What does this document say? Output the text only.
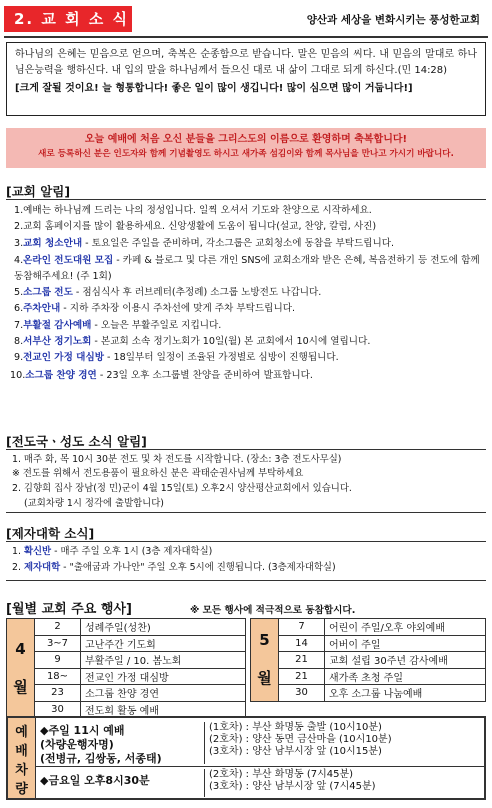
2. 교 회 소 식	양산과 세상을 변화시키는 풍성한교회

하나님의 은혜는 믿음으로 얻으며, 축복은 순종함으로 받습니다. 말은 믿음의 씨다. 내 믿음의 말대로 하나님은능력을 행하신다. 내 입의 말을 하나님께서 들으신 대로 내 삶이 그대로 되게 하신다.(민 14:28)

[크게 잘될 것이요! 늘 형통합니다! 좋은 일이 많이 생깁니다! 많이 심으면 많이 거둡니다!]

오늘 예배에 처음 오신 분들을 그리스도의 이름으로 환영하며 축복합니다!
새로 등록하신 분은 인도자와 함께 기념촬영도 하시고 새가족 섬김이와 함께 목사님을 만나고 가시기 바랍니다.
[교회 알림]
1.예배는 하나님께 드리는 나의 정성입니다. 일찍 오셔서 기도와 찬양으로 시작하세요.
2.교회 홈페이지를 많이 활용하세요. 신앙생활에 도움이 됩니다(설교, 찬양, 칼럼, 사진)
3.교회 청소안내 - 토요일은 주일을 준비하며, 각소그룹은 교회청소에 동참을 부탁드립니다.
4.온라인 전도대원 모집 - 카페 & 블로그 및 다른 개인 SNS에 교회소개와 받은 은혜, 복음전하기 등 전도에 함께 동참해주세요! (주 1회)
5.소그룹 전도 - 점심식사 후 러브레터(추정례) 소그룹 노방전도 나갑니다.
6.주차안내 - 지하 주차장 이용시 주차선에 맞게 주차 부탁드립니다.
7.부활절 감사예배 - 오늘은 부활주일로 지킵니다.
8.서부산 정기노회 - 본교회 소속 정기노회가 10일(월) 본 교회에서 10시에 열립니다.
9.전교인 가정 대심방 - 18일부터 일정이 조율된 가정별로 심방이 진행됩니다.
10.소그룹 찬양 경연 - 23일 오후 소그룹별 찬양을 준비하여 발표합니다.
[전도국ㆍ성도 소식 알림]
1. 매주 화, 목 10시 30분 전도 및 차 전도를 시작합니다. (장소: 3층 전도사무실)
※ 전도를 위해서 전도용품이 필요하신 분은 곽태순권사님께 부탁하세요
2. 김향희 집사 장남(정 민)군이 4월 15일(토) 오후2시 양산평산교회에서 있습니다.
(교회차량 1시 정각에 출발합니다)
[제자대학 소식]
1. 확신반 - 매주 주일 오후 1시 (3층 제자대학실)
2. 제자대학 - "출애굽과 가나안" 주일 오후 5시에 진행됩니다. (3층제자대학실)
[월별 교회 주요 행사]	※ 모든 행사에 적극적으로 동참합시다.
4

월	2	성례주일(성찬)
	3~7	고난주간 기도회
	9	부활주일 / 10. 봄노회
	18~	전교인 가정 대심방
	23	소그룹 찬양 경연
	30	전도회 활동 예배
5

월	7	어린이 주일/오후 야외예배
	14	어버이 주일
	21	교회 설립 30주년 감사예배
	21	새가족 초청 주일
	30	오후 소그룹 나눔예배
예
배
차
량
◆주일 11시 예배
(차량운행자명)
(전병규, 김쌍동, 서종태)
(1호차) : 부산 화명동 출발 (10시10분)
(2호차) : 양산 동면 금산마을 (10시10분)
(3호차) : 양산 남부시장 앞 (10시15분)
◆금요일 오후8시30분	(2호차) : 부산 화명동 (7시45분)
(3호차) : 양산 남부시장 앞 (7시45분)
